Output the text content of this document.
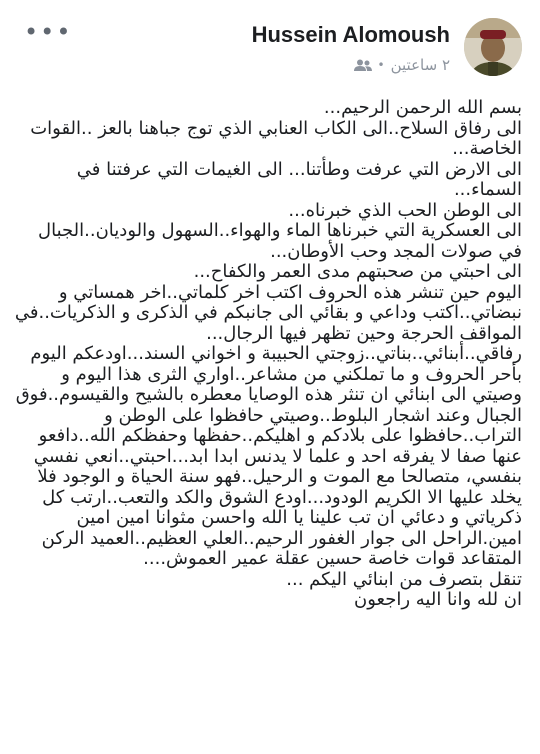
Hussein Alomoush
٢ ساعتين
•
•••

بسم الله الرحمن الرحيم...

الى رفاق السلاح..الى الكاب العنابي الذي توج جباهنا بالعز ..القوات الخاصة...

الى الارض التي عرفت وطأتنا... الى الغيمات التي عرفتنا في السماء...

الى الوطن الحب الذي خبرناه...

الى العسكرية التي خبرناها الماء والهواء..السهول والوديان..الجبال في صولات المجد وحب الأوطان...

الى احبتي من صحبتهم مدى العمر والكفاح...

اليوم حين تنشر هذه الحروف اكتب اخر كلماتي..اخر همساتي و نبضاتي..اكتب وداعي و بقائي الى جانبكم في الذكرى و الذكريات..في المواقف الحرجة وحين تظهر فيها الرجال...

رفاقي..أبنائي..بناتي..زوجتي الحبيبة و اخواني السند...اودعكم اليوم بأحر الحروف و ما تملكني من مشاعر..اواري الثرى هذا اليوم و وصيتي الى ابنائي ان تنثر هذه الوصايا معطره بالشيح والقيسوم..فوق الجبال وعند اشجار البلوط..وصيتي حافظوا على الوطن و التراب..حافظوا على بلادكم و اهليكم..حفظها وحفظكم الله..دافعو عنها صفا لا يفرقه احد و علما لا يدنس ابدا ابد...احبتي..انعي نفسي بنفسي، متصالحا مع الموت و الرحيل..فهو سنة الحياة و الوجود فلا يخلد عليها الا الكريم الودود...اودع الشوق والكد والتعب..ارتب كل ذكرياتي و دعائي ان تب علينا يا الله واحسن مثوانا امين امين امين.الراحل الى جوار الغفور الرحيم..العلي العظيم..العميد الركن المتقاعد قوات خاصة حسين عقلة عمير العموش....

تنقل بتصرف من ابنائي اليكم ...

ان لله وانا اليه راجعون
